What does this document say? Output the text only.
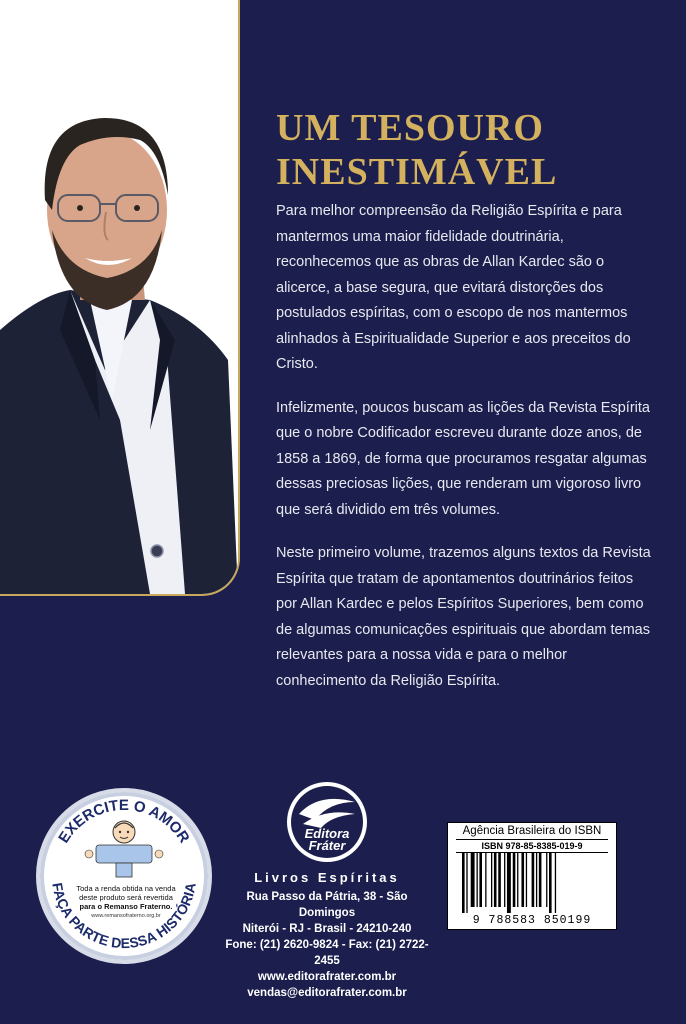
UM TESOURO
INESTIMÁVEL

Para melhor compreensão da Religião Espírita e para mantermos uma maior fidelidade doutrinária, reconhecemos que as obras de Allan Kardec são o alicerce, a base segura, que evitará distorções dos postulados espíritas, com o escopo de nos mantermos alinhados à Espiritualidade Superior e aos preceitos do Cristo.

Infelizmente, poucos buscam as lições da Revista Espírita que o nobre Codificador escreveu durante doze anos, de 1858 a 1869, de forma que procuramos resgatar algumas dessas preciosas lições, que renderam um vigoroso livro que será dividido em três volumes.

Neste primeiro volume, trazemos alguns textos da Revista Espírita que tratam de apontamentos doutrinários feitos por Allan Kardec e pelos Espíritos Superiores, bem como de algumas comunicações espirituais que abordam temas relevantes para a nossa vida e para o melhor conhecimento da Religião Espírita.

EXERCITE O AMOR
FAÇA PARTE DESSA HISTÓRIA
Toda a renda obtida na venda
deste produto será revertida
para o Remanso Fraterno.
www.remansofraterno.org.br
Editora
Fráter
Livros Espíritas
Rua Passo da Pátria, 38 - São Domingos
Niterói - RJ - Brasil - 24210-240
Fone: (21) 2620-9824 - Fax: (21) 2722-2455
www.editorafrater.com.br
vendas@editorafrater.com.br
Agência Brasileira do ISBN
ISBN 978-85-8385-019-9
9 788583 850199
